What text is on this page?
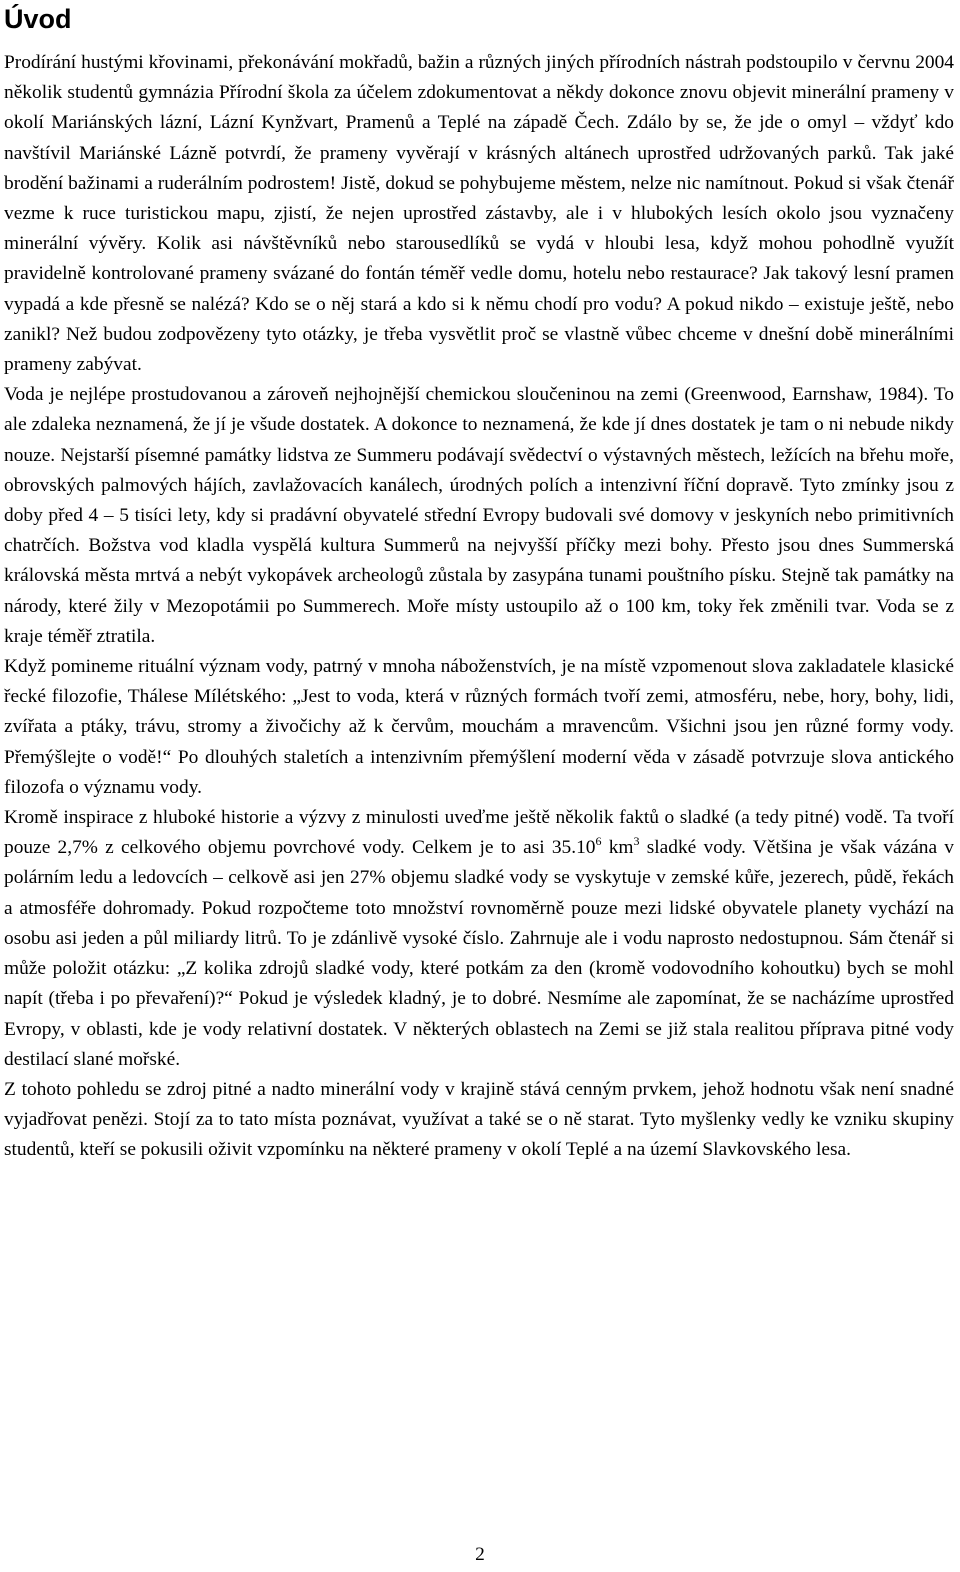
Úvod

Prodírání hustými křovinami, překonávání mokřadů, bažin a různých jiných přírodních nástrah podstoupilo v červnu 2004 několik studentů gymnázia Přírodní škola za účelem zdokumentovat a někdy dokonce znovu objevit minerální prameny v okolí Mariánských lázní, Lázní Kynžvart, Pramenů a Teplé na západě Čech. Zdálo by se, že jde o omyl – vždyť kdo navštívil Mariánské Lázně potvrdí, že prameny vyvěrají v krásných altánech uprostřed udržovaných parků. Tak jaké brodění bažinami a ruderálním podrostem! Jistě, dokud se pohybujeme městem, nelze nic namítnout. Pokud si však čtenář vezme k ruce turistickou mapu, zjistí, že nejen uprostřed zástavby, ale i v hlubokých lesích okolo jsou vyznačeny minerální vývěry. Kolik asi návštěvníků nebo starousedlíků se vydá v hloubi lesa, když mohou pohodlně využít pravidelně kontrolované prameny svázané do fontán téměř vedle domu, hotelu nebo restaurace? Jak takový lesní pramen vypadá a kde přesně se nalézá? Kdo se o něj stará a kdo si k němu chodí pro vodu? A pokud nikdo – existuje ještě, nebo zanikl? Než budou zodpovězeny tyto otázky, je třeba vysvětlit proč se vlastně vůbec chceme v dnešní době minerálními prameny zabývat.

Voda je nejlépe prostudovanou a zároveň nejhojnější chemickou sloučeninou na zemi (Greenwood, Earnshaw, 1984). To ale zdaleka neznamená, že jí je všude dostatek. A dokonce to neznamená, že kde jí dnes dostatek je tam o ni nebude nikdy nouze. Nejstarší písemné památky lidstva ze Summeru podávají svědectví o výstavných městech, ležících na břehu moře, obrovských palmových hájích, zavlažovacích kanálech, úrodných polích a intenzivní říční dopravě. Tyto zmínky jsou z doby před 4 – 5 tisíci lety, kdy si pradávní obyvatelé střední Evropy budovali své domovy v jeskyních nebo primitivních chatrčích. Božstva vod kladla vyspělá kultura Summerů na nejvyšší příčky mezi bohy. Přesto jsou dnes Summerská královská města mrtvá a nebýt vykopávek archeologů zůstala by zasypána tunami pouštního písku. Stejně tak památky na národy, které žily v Mezopotámii po Summerech. Moře místy ustoupilo až o 100 km, toky řek změnili tvar. Voda se z kraje téměř ztratila.

Když pomineme rituální význam vody, patrný v mnoha náboženstvích, je na místě vzpomenout slova zakladatele klasické řecké filozofie, Thálese Mílétského: „Jest to voda, která v různých formách tvoří zemi, atmosféru, nebe, hory, bohy, lidi, zvířata a ptáky, trávu, stromy a živočichy až k červům, mouchám a mravencům. Všichni jsou jen různé formy vody. Přemýšlejte o vodě!“ Po dlouhých staletích a intenzivním přemýšlení moderní věda v zásadě potvrzuje slova antického filozofa o významu vody.

Kromě inspirace z hluboké historie a výzvy z minulosti uveďme ještě několik faktů o sladké (a tedy pitné) vodě. Ta tvoří pouze 2,7% z celkového objemu povrchové vody. Celkem je to asi 35.10$^6$ $km^3$ sladké vody. Většina je však vázána v polárním ledu a ledovcích – celkově asi jen 27% objemu sladké vody se vyskytuje v zemské kůře, jezerech, půdě, řekách a atmosféře dohromady. Pokud rozpočteme toto množství rovnoměrně pouze mezi lidské obyvatele planety vychází na osobu asi jeden a půl miliardy litrů. To je zdánlivě vysoké číslo. Zahrnuje ale i vodu naprosto nedostupnou. Sám čtenář si může položit otázku: „Z kolika zdrojů sladké vody, které potkám za den (kromě vodovodního kohoutku) bych se mohl napít (třeba i po převaření)?“ Pokud je výsledek kladný, je to dobré. Nesmíme ale zapomínat, že se nacházíme uprostřed Evropy, v oblasti, kde je vody relativní dostatek. V některých oblastech na Zemi se již stala realitou příprava pitné vody destilací slané mořské.

Z tohoto pohledu se zdroj pitné a nadto minerální vody v krajině stává cenným prvkem, jehož hodnotu však není snadné vyjadřovat penězi. Stojí za to tato místa poznávat, využívat a také se o ně starat. Tyto myšlenky vedly ke vzniku skupiny studentů, kteří se pokusili oživit vzpomínku na některé prameny v okolí Teplé a na území Slavkovského lesa.

2
